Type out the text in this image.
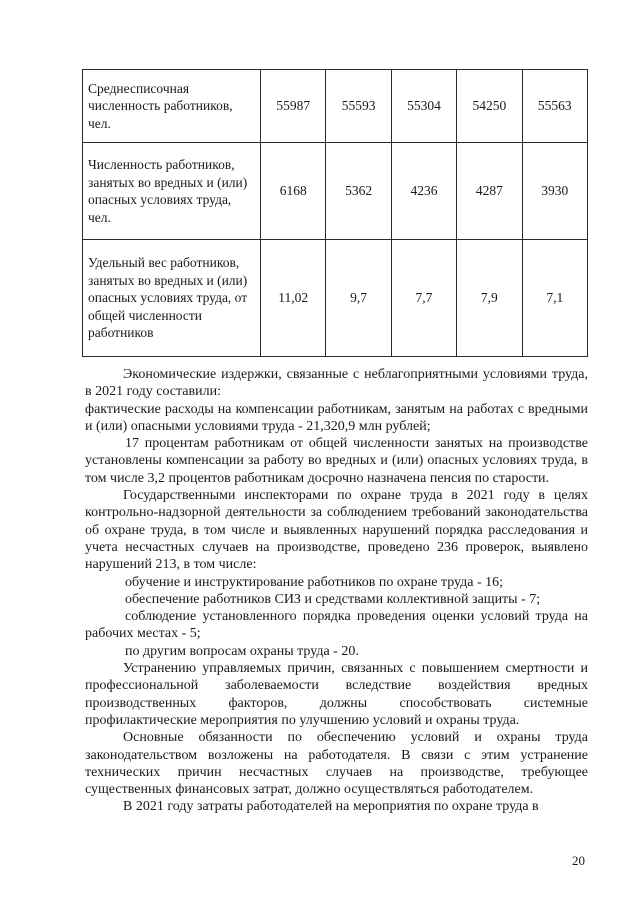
Среднесписочная численность работников, чел.	55987	55593	55304	54250	55563
Численность работников, занятых во вредных и (или) опасных условиях труда, чел.	6168	5362	4236	4287	3930
Удельный вес работников, занятых во вредных и (или) опасных условиях труда, от общей численности работников	11,02	9,7	7,7	7,9	7,1

Экономические издержки, связанные с неблагоприятными условиями труда, в 2021 году составили:

фактические расходы на компенсации работникам, занятым на работах с вредными и (или) опасными условиями труда - 21,320,9 млн рублей;

17 процентам работникам от общей численности занятых на производстве установлены компенсации за работу во вредных и (или) опасных условиях труда, в том числе 3,2 процентов работникам досрочно назначена пенсия по старости.

Государственными инспекторами по охране труда в 2021 году в целях контрольно-надзорной деятельности за соблюдением требований законодательства об охране труда, в том числе и выявленных нарушений порядка расследования и учета несчастных случаев на производстве, проведено 236 проверок, выявлено нарушений 213, в том числе:

обучение и инструктирование работников по охране труда - 16;

обеспечение работников СИЗ и средствами коллективной защиты - 7;

соблюдение установленного порядка проведения оценки условий труда на рабочих местах - 5;

по другим вопросам охраны труда - 20.

Устранению управляемых причин, связанных с повышением смертности и профессиональной заболеваемости вследствие воздействия вредных производственных факторов, должны способствовать системные профилактические мероприятия по улучшению условий и охраны труда.

Основные обязанности по обеспечению условий и охраны труда законодательством возложены на работодателя. В связи с этим устранение технических причин несчастных случаев на производстве, требующее существенных финансовых затрат, должно осуществляться работодателем.

В 2021 году затраты работодателей на мероприятия по охране труда в

20
